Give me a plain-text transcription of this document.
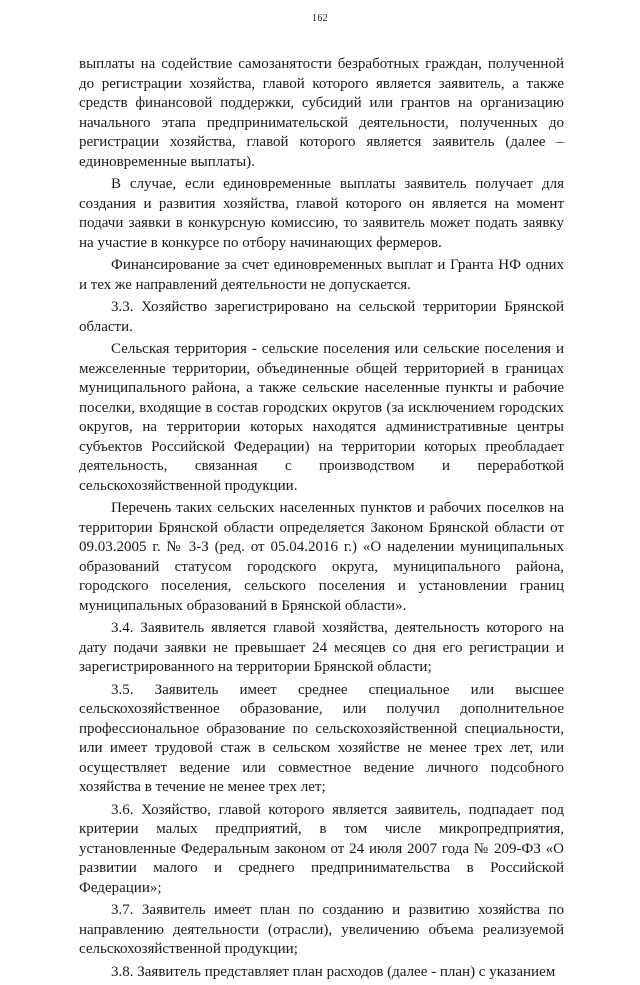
162

выплаты на содействие самозанятости безработных граждан, полученной до регистрации хозяйства, главой которого является заявитель, а также средств финансовой поддержки, субсидий или грантов на организацию начального этапа предпринимательской деятельности, полученных до регистрации хозяйства, главой которого является заявитель (далее – единовременные выплаты).

В случае, если единовременные выплаты заявитель получает для создания и развития хозяйства, главой которого он является на момент подачи заявки в конкурсную комиссию, то заявитель может подать заявку на участие в конкурсе по отбору начинающих фермеров.

Финансирование за счет единовременных выплат и Гранта НФ одних и тех же направлений деятельности не допускается.

3.3. Хозяйство зарегистрировано на сельской территории Брянской области.

Сельская территория - сельские поселения или сельские поселения и межселенные территории, объединенные общей территорией в границах муниципального района, а также сельские населенные пункты и рабочие поселки, входящие в состав городских округов (за исключением городских округов, на территории которых находятся административные центры субъектов Российской Федерации) на территории которых преобладает деятельность, связанная с производством и переработкой сельскохозяйственной продукции.

Перечень таких сельских населенных пунктов и рабочих поселков на территории Брянской области определяется Законом Брянской области от 09.03.2005 г. № 3-З (ред. от 05.04.2016 г.) «О наделении муниципальных образований статусом городского округа, муниципального района, городского поселения, сельского поселения и установлении границ муниципальных образований в Брянской области».

3.4. Заявитель является главой хозяйства, деятельность которого на дату подачи заявки не превышает 24 месяцев со дня его регистрации и зарегистрированного на территории Брянской области;

3.5. Заявитель имеет среднее специальное или высшее сельскохозяйственное образование, или получил дополнительное профессиональное образование по сельскохозяйственной специальности, или имеет трудовой стаж в сельском хозяйстве не менее трех лет, или осуществляет ведение или совместное ведение личного подсобного хозяйства в течение не менее трех лет;

3.6. Хозяйство, главой которого является заявитель, подпадает под критерии малых предприятий, в том числе микропредприятия, установленные Федеральным законом от 24 июля 2007 года № 209-ФЗ «О развитии малого и среднего предпринимательства в Российской Федерации»;

3.7. Заявитель имеет план по созданию и развитию хозяйства по направлению деятельности (отрасли), увеличению объема реализуемой сельскохозяйственной продукции;

3.8. Заявитель представляет план расходов (далее - план) с указанием
